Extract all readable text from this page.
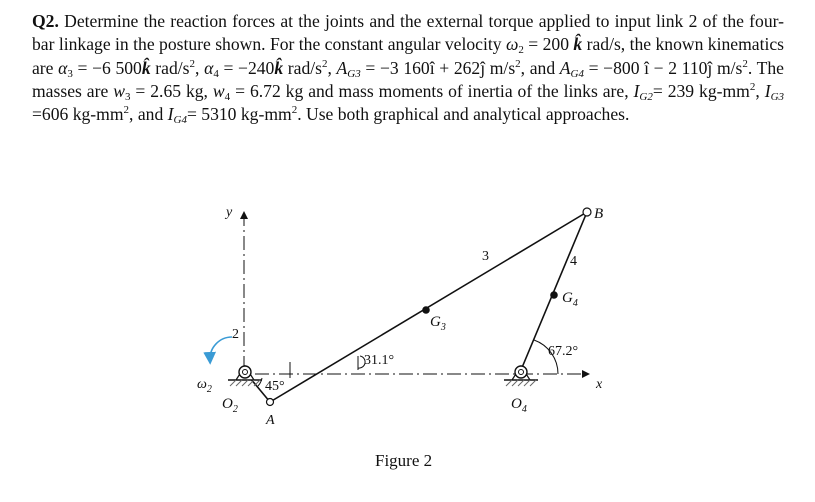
Q2. Determine the reaction forces at the joints and the external torque applied to input link 2 of the four-bar linkage in the posture shown. For the constant angular velocity $\omega_2 = 200$ k̂ rad/s, the known kinematics are $\alpha_3 = -6$ 500k̂ rad/$s^2$, $\alpha_4$ = −240k̂ rad/$s^2$, $A_{G3} = -3$ 160î + 262ĵ $m/s^2$, and $A_{G4} = -800$ î − 2 110ĵ $m/s^2$. The masses are $w_3 = 2.65$ kg, $w_4 = 6.72$ kg and mass moments of inertia of the links are, $I_{G2}= 239$ $kg-mm^2$, $I_{G3} =606$ $kg-mm^2$, and $I_{G4}= 5310$ $kg-mm^2$. Use both graphical and analytical approaches.
y
x
B
3	4
2
$G_4$
$G_3$
31.1°
67.2°
45°
$O_2$
$\omega_2$
A
$O_4$
Figure 2
